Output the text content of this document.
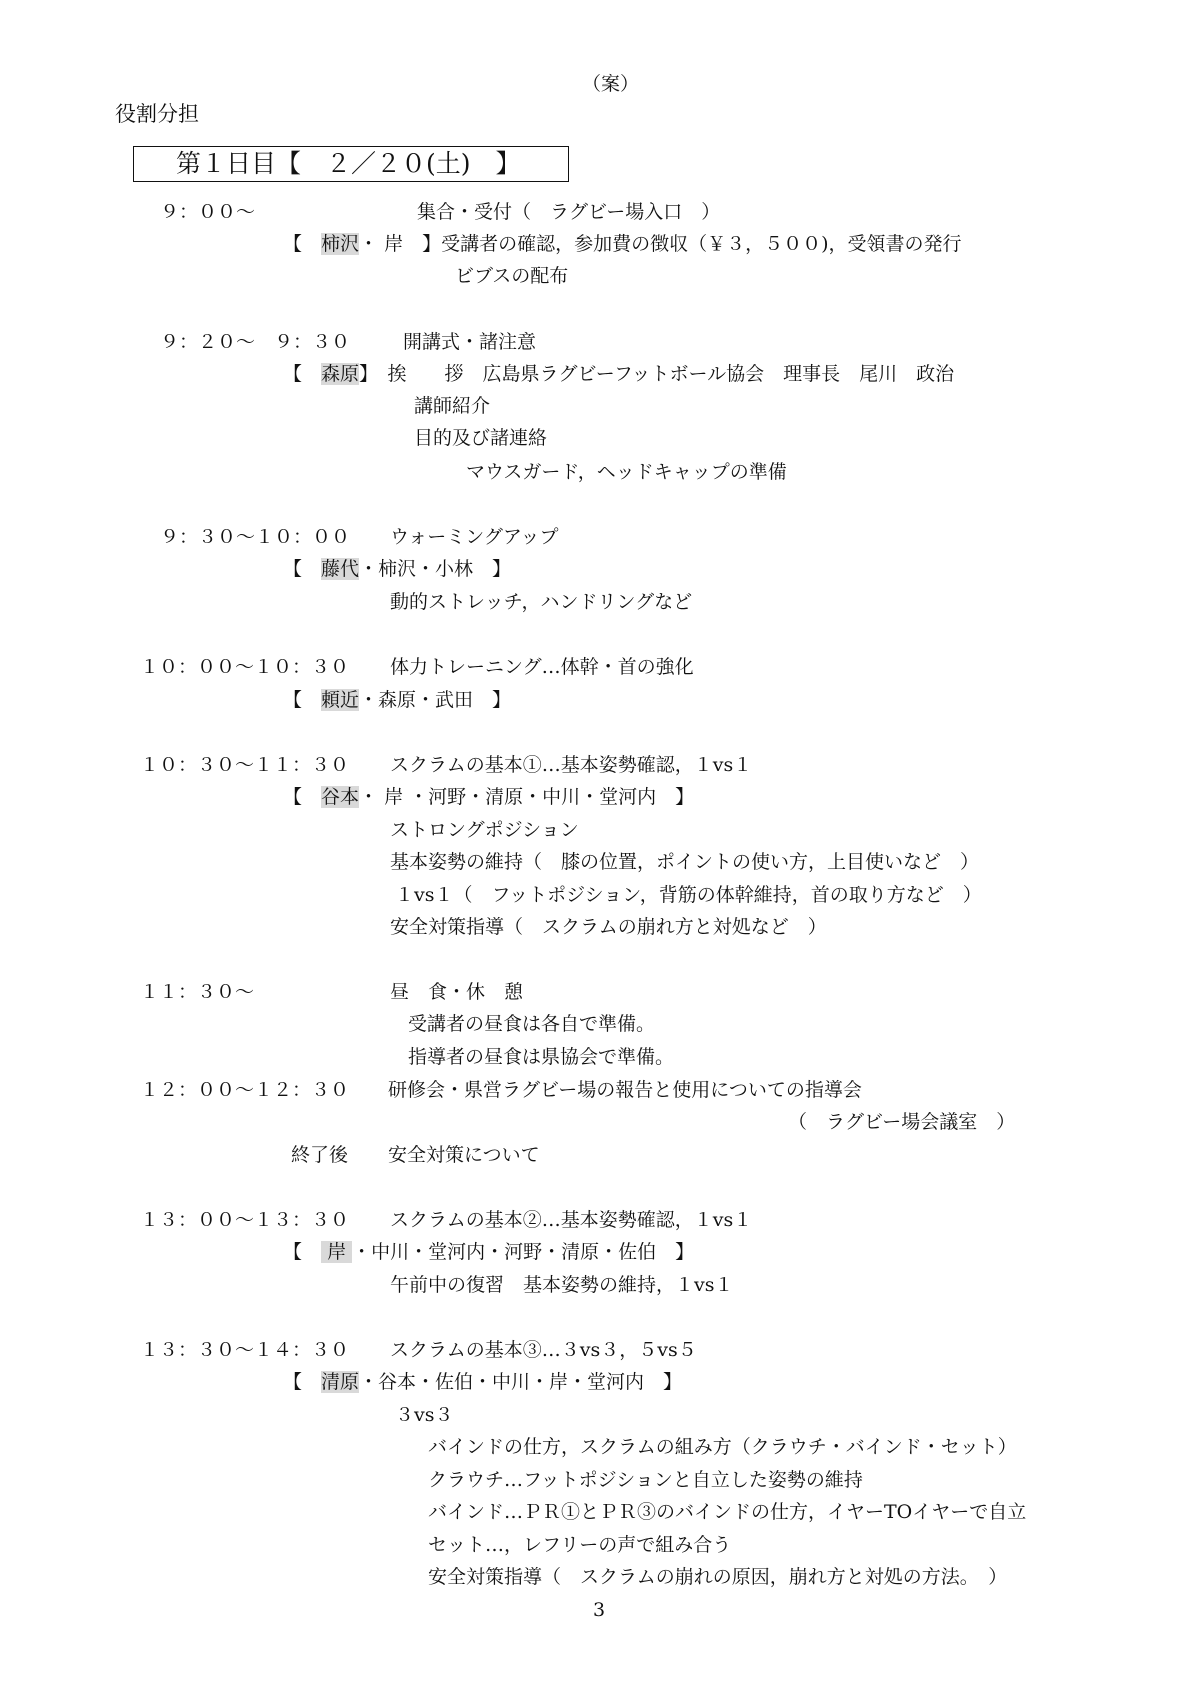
（案）
役割分担
第１日目【　２／２０(土)　】
９：００～	集合・受付（　ラグビー場入口　）
【　 柿沢・ 岸　】受講者の確認，参加費の徴収（￥３，５００)，受領書の発行
ビブスの配布
９：２０～　９：３０	開講式・諸注意
【　 森原】　挨　　拶　広島県ラグビーフットボール協会　理事長　尾川　政治
講師紹介
目的及び諸連絡
マウスガード，ヘッドキャップの準備
９：３０～１０：００ ウォーミングアップ
【　 藤代・柿沢・小林　】
動的ストレッチ，ハンドリングなど
１０：００～１０：３０ 体力トレーニング…体幹・首の強化
【　 頼近・森原・武田　】
１０：３０～１１：３０ スクラムの基本①…基本姿勢確認，１vs１
【　 谷本・ 岸 ・河野・清原・中川・堂河内　】
ストロングポジション
基本姿勢の維持（　膝の位置，ポイントの使い方，上目使いなど　）
１vs１（　フットポジション，背筋の体幹維持，首の取り方など　）
安全対策指導（　スクラムの崩れ方と対処など　）
１１：３０～	昼　食・休　憩
受講者の昼食は各自で準備。
指導者の昼食は県協会で準備。
１２：００～１２：３０ 研修会・県営ラグビー場の報告と使用についての指導会
（　ラグビー場会議室　）
終了後 安全対策について
１３：００～１３：３０ スクラムの基本②…基本姿勢確認，１vs１
【　 岸 ・中川・堂河内・河野・清原・佐伯　】
午前中の復習　基本姿勢の維持，１vs１
１３：３０～１４：３０ スクラムの基本③…３vs３，５vs５
【　 清原・谷本・佐伯・中川・岸・堂河内　】
３vs３
バインドの仕方，スクラムの組み方（クラウチ・バインド・セット）
クラウチ…フットポジションと自立した姿勢の維持
バインド…ＰＲ①とＰＲ③のバインドの仕方，イヤーTOイヤーで自立
セット…，レフリーの声で組み合う
安全対策指導（　スクラムの崩れの原因，崩れ方と対処の方法。　）
3
